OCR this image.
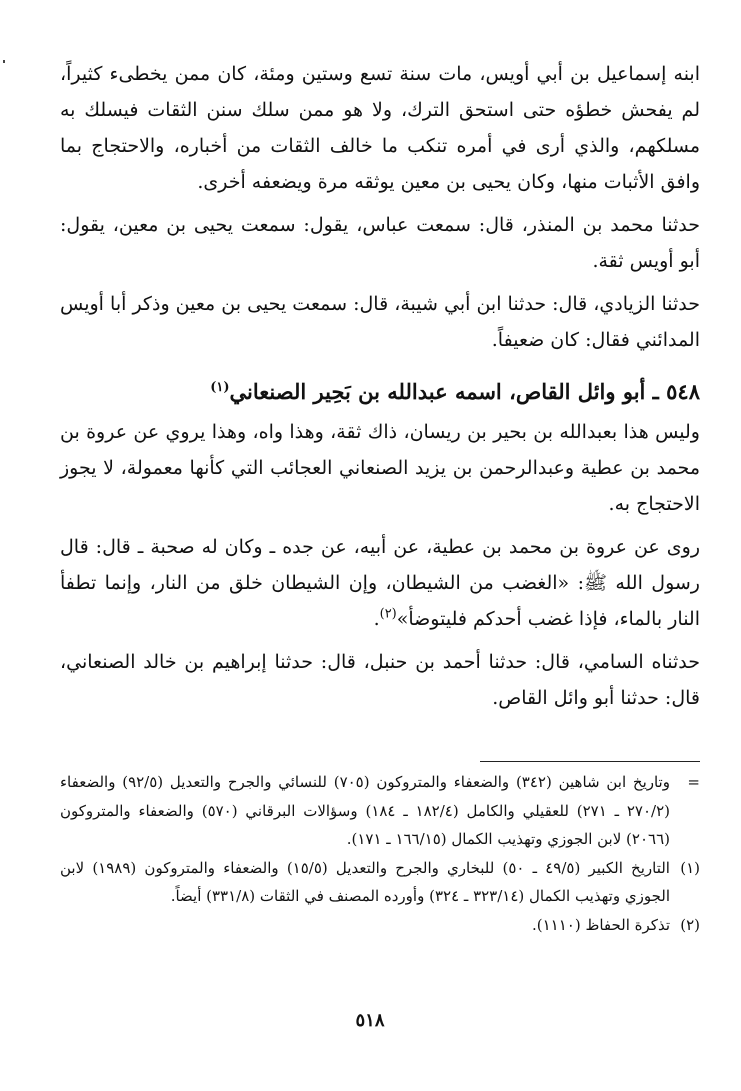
ابنه إسماعيل بن أبي أويس، مات سنة تسع وستين ومئة، كان ممن يخطىء كثيراً، لم يفحش خطؤه حتى استحق الترك، ولا هو ممن سلك سنن الثقات فيسلك به مسلكهم، والذي أرى في أمره تنكب ما خالف الثقات من أخباره، والاحتجاج بما وافق الأثبات منها، وكان يحيى بن معين يوثقه مرة ويضعفه أخرى.

حدثنا محمد بن المنذر، قال: سمعت عباس، يقول: سمعت يحيى بن معين، يقول: أبو أويس ثقة.

حدثنا الزيادي، قال: حدثنا ابن أبي شيبة، قال: سمعت يحيى بن معين وذكر أبا أويس المدائني فقال: كان ضعيفاً.

٥٤٨ ـ أبو وائل القاص، اسمه عبدالله بن بَحِير الصنعاني$^{(١)}$

وليس هذا بعبدالله بن بحير بن ريسان، ذاك ثقة، وهذا واه، وهذا يروي عن عروة بن محمد بن عطية وعبدالرحمن بن يزيد الصنعاني العجائب التي كأنها معمولة، لا يجوز الاحتجاج به.

روى عن عروة بن محمد بن عطية، عن أبيه، عن جده ـ وكان له صحبة ـ قال: قال رسول الله ﷺ: «الغضب من الشيطان، وإن الشيطان خلق من النار، وإنما تطفأ النار بالماء، فإذا غضب أحدكم فليتوضأ»$^{(٢)}$.

حدثناه السامي، قال: حدثنا أحمد بن حنبل، قال: حدثنا إبراهيم بن خالد الصنعاني، قال: حدثنا أبو وائل القاص.

=
وتاريخ ابن شاهين (٣٤٢) والضعفاء والمتروكون (٧٠٥) للنسائي والجرح والتعديل (٩٢/٥) والضعفاء (٢٧٠/٢ ـ ٢٧١) للعقيلي والكامل (١٨٢/٤ ـ ١٨٤) وسؤالات البرقاني (٥٧٠) والضعفاء والمتروكون (٢٠٦٦) لابن الجوزي وتهذيب الكمال (١٦٦/١٥ ـ ١٧١).
(١)
التاريخ الكبير (٤٩/٥ ـ ٥٠) للبخاري والجرح والتعديل (١٥/٥) والضعفاء والمتروكون (١٩٨٩) لابن الجوزي وتهذيب الكمال (٣٢٣/١٤ ـ ٣٢٤) وأورده المصنف في الثقات (٣٣١/٨) أيضاً.
(٢)
تذكرة الحفاظ (١١١٠).
٥١٨
